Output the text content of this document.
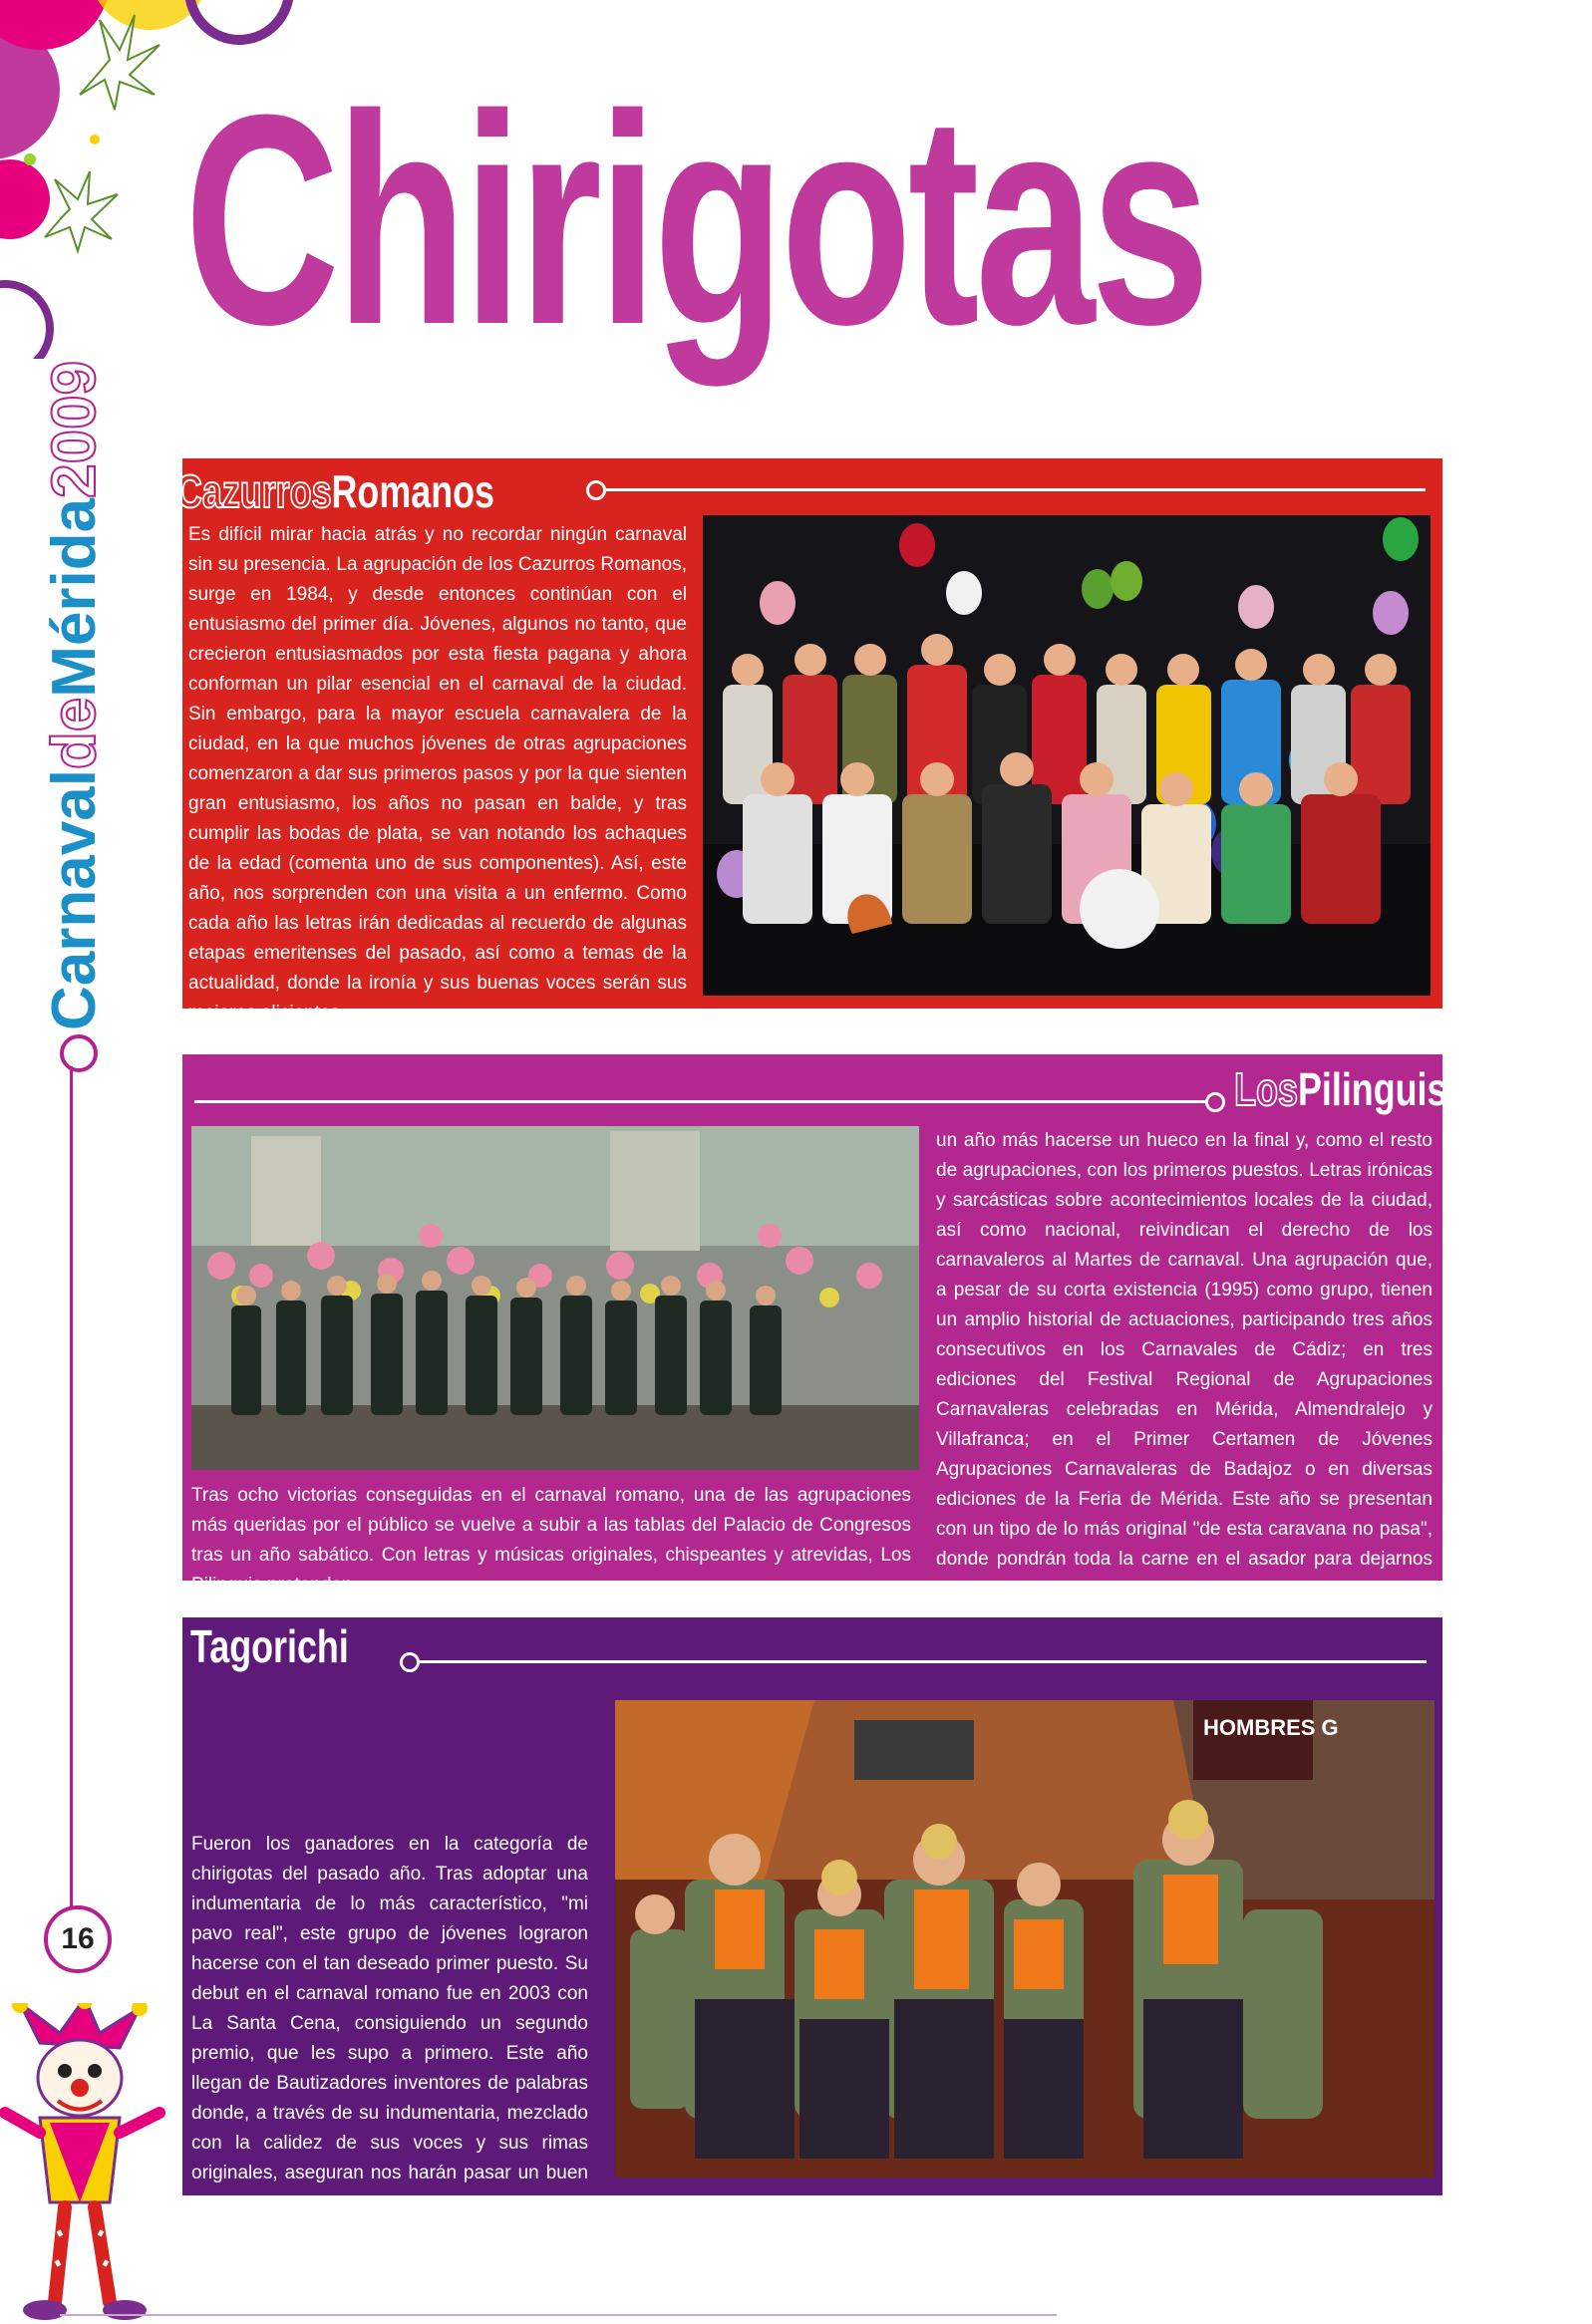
Chirigotas
CarnavaldeMérida2009
16
CazurrosRomanos
Es difícil mirar hacia atrás y no recordar ningún carnaval sin su presencia. La agrupación de los Cazurros Romanos, surge en 1984, y desde entonces continúan con el entusiasmo del primer día. Jóvenes, algunos no tanto, que crecieron entusiasmados por esta fiesta pagana y ahora conforman un pilar esencial en el carnaval de la ciudad. Sin embargo, para la mayor escuela carnavalera de la ciudad, en la que muchos jóvenes de otras agrupaciones comenzaron a dar sus primeros pasos y por la que sienten gran entusiasmo, los años no pasan en balde, y tras cumplir las bodas de plata, se van notando los achaques de la edad (comenta uno de sus componentes). Así, este año, nos sorprenden con una visita a un enfermo. Como cada año las letras irán dedicadas al recuerdo de algunas etapas emeritenses del pasado, así como a temas de la actualidad, donde la ironía y sus buenas voces serán sus mejores alicientes.
LosPilinguis
Tras ocho victorias conseguidas en el carnaval romano, una de las agrupaciones más queridas por el público se vuelve a subir a las tablas del Palacio de Congresos tras un año sabático. Con letras y músicas originales, chispeantes y atrevidas, Los Pilinguis pretenden
un año más hacerse un hueco en la final y, como el resto de agrupaciones, con los primeros puestos. Letras irónicas y sarcásticas sobre acontecimientos locales de la ciudad, así como nacional, reivindican el derecho de los carnavaleros al Martes de carnaval. Una agrupación que, a pesar de su corta existencia (1995) como grupo, tienen un amplio historial de actuaciones, participando tres años consecutivos en los Carnavales de Cádiz; en tres ediciones del Festival Regional de Agrupaciones Carnavaleras celebradas en Mérida, Almendralejo y Villafranca; en el Primer Certamen de Jóvenes Agrupaciones Carnavaleras de Badajoz o en diversas ediciones de la Feria de Mérida. Este año se presentan con un tipo de lo más original "de esta caravana no pasa", donde pondrán toda la carne en el asador para dejarnos un buen sabor de boca.
Tagorichi
Fueron los ganadores en la categoría de chirigotas del pasado año. Tras adoptar una indumentaria de lo más característico, "mi pavo real", este grupo de jóvenes lograron hacerse con el tan deseado primer puesto. Su debut en el carnaval romano fue en 2003 con La Santa Cena, consiguiendo un segundo premio, que les supo a primero. Este año llegan de Bautizadores inventores de palabras donde, a través de su indumentaria, mezclado con la calidez de sus voces y sus rimas originales, aseguran nos harán pasar un buen rato.
HOMBRES G
